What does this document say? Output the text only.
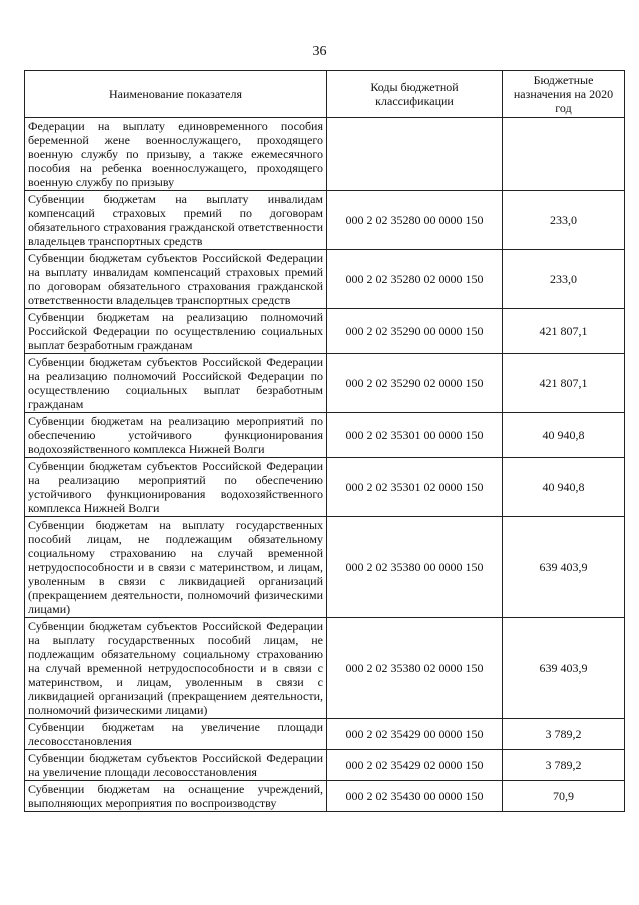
36
Наименование показателя	Коды бюджетной классификации	Бюджетные назначения на 2020 год
Федерации на выплату единовременного пособия беременной жене военнослужащего, проходящего военную службу по призыву, а также ежемесячного пособия на ребенка военнослужащего, проходящего военную службу по призыву		
Субвенции бюджетам на выплату инвалидам компенсаций страховых премий по договорам обязательного страхования гражданской ответственности владельцев транспортных средств	000 2 02 35280 00 0000 150	233,0
Субвенции бюджетам субъектов Российской Федерации на выплату инвалидам компенсаций страховых премий по договорам обязательного страхования гражданской ответственности владельцев транспортных средств	000 2 02 35280 02 0000 150	233,0
Субвенции бюджетам на реализацию полномочий Российской Федерации по осуществлению социальных выплат безработным гражданам	000 2 02 35290 00 0000 150	421 807,1
Субвенции бюджетам субъектов Российской Федерации на реализацию полномочий Российской Федерации по осуществлению социальных выплат безработным гражданам	000 2 02 35290 02 0000 150	421 807,1
Субвенции бюджетам на реализацию мероприятий по обеспечению устойчивого функционирования водохозяйственного комплекса Нижней Волги	000 2 02 35301 00 0000 150	40 940,8
Субвенции бюджетам субъектов Российской Федерации на реализацию мероприятий по обеспечению устойчивого функционирования водохозяйственного комплекса Нижней Волги	000 2 02 35301 02 0000 150	40 940,8
Субвенции бюджетам на выплату государственных пособий лицам, не подлежащим обязательному социальному страхованию на случай временной нетрудоспособности и в связи с материнством, и лицам, уволенным в связи с ликвидацией организаций (прекращением деятельности, полномочий физическими лицами)	000 2 02 35380 00 0000 150	639 403,9
Субвенции бюджетам субъектов Российской Федерации на выплату государственных пособий лицам, не подлежащим обязательному социальному страхованию на случай временной нетрудоспособности и в связи с материнством, и лицам, уволенным в связи с ликвидацией организаций (прекращением деятельности, полномочий физическими лицами)	000 2 02 35380 02 0000 150	639 403,9
Субвенции бюджетам на увеличение площади лесовосстановления	000 2 02 35429 00 0000 150	3 789,2
Субвенции бюджетам субъектов Российской Федерации на увеличение площади лесовосстановления	000 2 02 35429 02 0000 150	3 789,2
Субвенции бюджетам на оснащение учреждений, выполняющих мероприятия по воспроизводству	000 2 02 35430 00 0000 150	70,9
